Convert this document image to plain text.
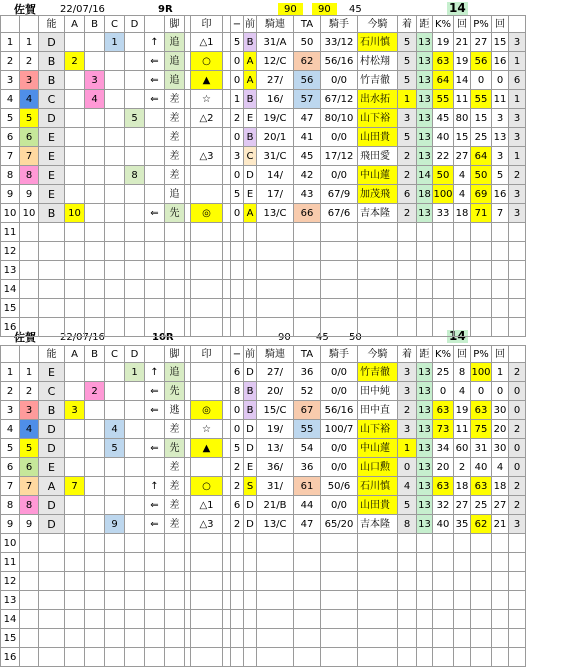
佐賀 22/07/16	9R	90	90	45	14
佐賀 22/07/16	10R	90	45 50	14
		能	A	B	C	D		脚		印		−	前	騎連	TA	騎手	今騎	着	距	K%	回	P%	回	
1	1	D			1		↑	追		△1		5	B	31/A	50	33/12	石川慎	5	13	19	21	27	15	3
2	2	B	2				⇐	追		○		0	A	12/C	62	56/16	村松翔	5	13	63	19	56	16	1
3	3	B		3			⇐	追		▲		0	A	27/	56	0/0	竹吉徹	5	13	64	14	0	0	6
4	4	C		4			⇐	差		☆		1	B	16/	57	67/12	出水拓	1	13	55	11	55	11	1
5	5	D				5		差		△2		2	E	19/C	47	80/10	山下裕	3	13	45	80	15	3	3
6	6	E						差				0	B	20/1	41	0/0	山田貴	5	13	40	15	25	13	3
7	7	E						差		△3		3	C	31/C	45	17/12	飛田愛	2	13	22	27	64	3	1
8	8	E				8		差				0	D	14/	42	0/0	中山蓮	2	14	50	4	50	5	2
9	9	E						追				5	E	17/	43	67/9	加茂飛	6	18	100	4	69	16	3
10	10	B	10				⇐	先		◎		0	A	13/C	66	67/6	吉本隆	2	13	33	18	71	7	3
11																								
12																								
13																								
14																								
15																								
16																								
		能	A	B	C	D		脚		印		−	前	騎連	TA	騎手	今騎	着	距	K%	回	P%	回	
1	1	E				1	↑	追				6	D	27/	36	0/0	竹吉徹	3	13	25	8	100	1	2
2	2	C		2			⇐	先				8	B	20/	52	0/0	田中純	3	13	0	4	0	0	0
3	3	B	3				⇐	逃		◎		0	B	15/C	67	56/16	田中直	2	13	63	19	63	30	0
4	4	D			4			差		☆		0	D	19/	55	100/7	山下裕	3	13	73	11	75	20	2
5	5	D			5		⇐	先		▲		5	D	13/	54	0/0	中山蓮	1	13	34	60	31	30	0
6	6	E						差				2	E	36/	36	0/0	山口勲	0	13	20	2	40	4	0
7	7	A	7				↑	差		○		2	S	31/	61	50/6	石川慎	4	13	63	18	63	18	2
8	8	D					⇐	差		△1		6	D	21/B	44	0/0	山田貴	5	13	32	27	25	27	2
9	9	D			9		⇐	差		△3		2	D	13/C	47	65/20	吉本隆	8	13	40	35	62	21	3
10																								
11																								
12																								
13																								
14																								
15																								
16																								
